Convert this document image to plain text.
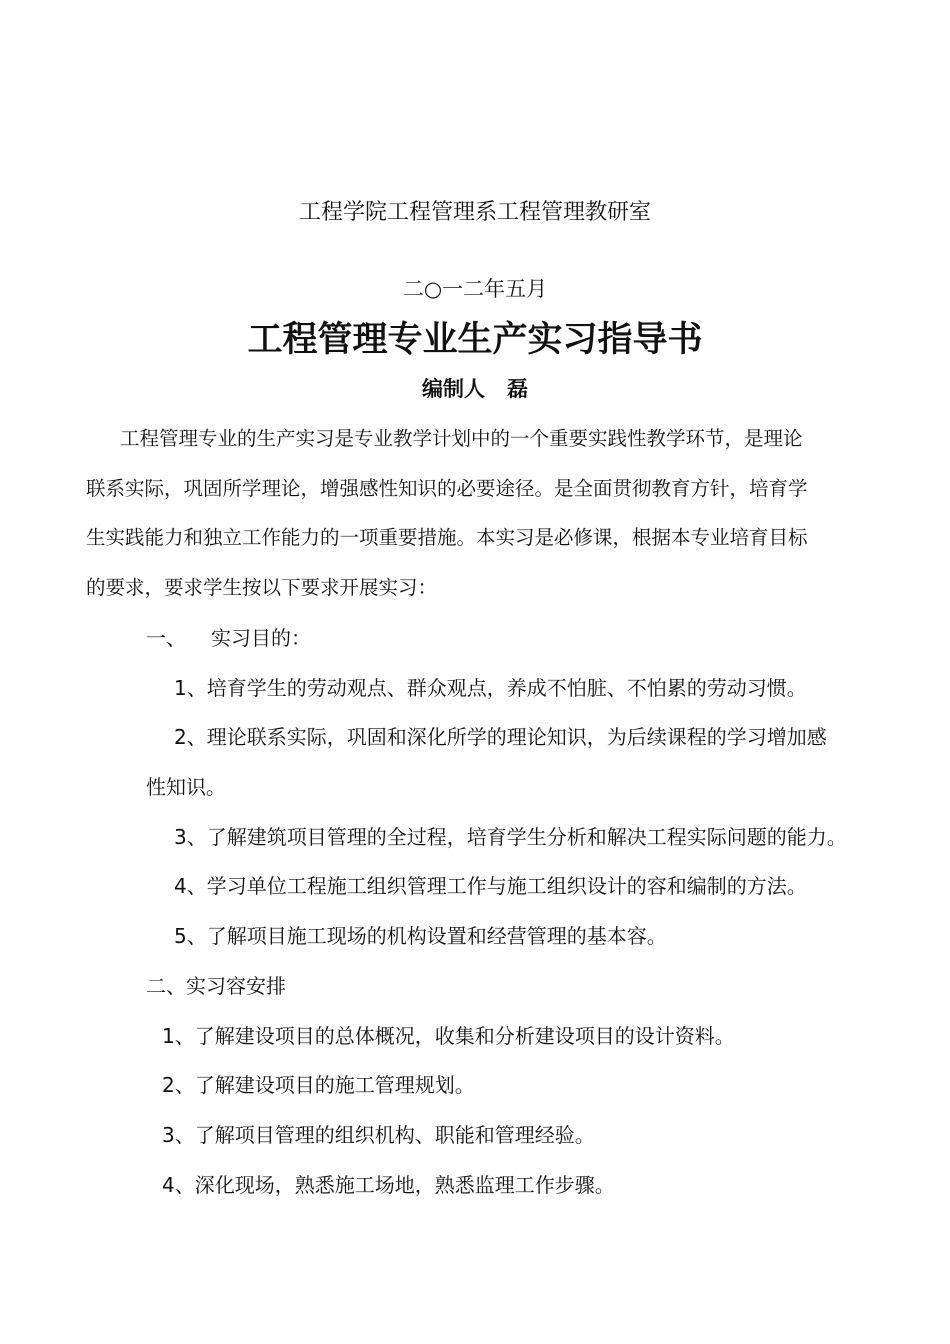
工程学院工程管理系工程管理教研室
二○一二年五月
工程管理专业生产实习指导书
编制人   磊
工程管理专业的生产实习是专业教学计划中的一个重要实践性教学环节，是理论
联系实际，巩固所学理论，增强感性知识的必要途径。是全面贯彻教育方针，培育学
生实践能力和独立工作能力的一项重要措施。本实习是必修课，根据本专业培育目标
的要求，要求学生按以下要求开展实习：
一、 实习目的：
1、培育学生的劳动观点、群众观点，养成不怕脏、不怕累的劳动习惯。
2、理论联系实际，巩固和深化所学的理论知识，为后续课程的学习增加感
性知识。
3、了解建筑项目管理的全过程，培育学生分析和解决工程实际问题的能力。
4、学习单位工程施工组织管理工作与施工组织设计的容和编制的方法。
5、了解项目施工现场的机构设置和经营管理的基本容。
二、实习容安排
1、了解建设项目的总体概况，收集和分析建设项目的设计资料。
2、了解建设项目的施工管理规划。
3、了解项目管理的组织机构、职能和管理经验。
4、深化现场，熟悉施工场地，熟悉监理工作步骤。
